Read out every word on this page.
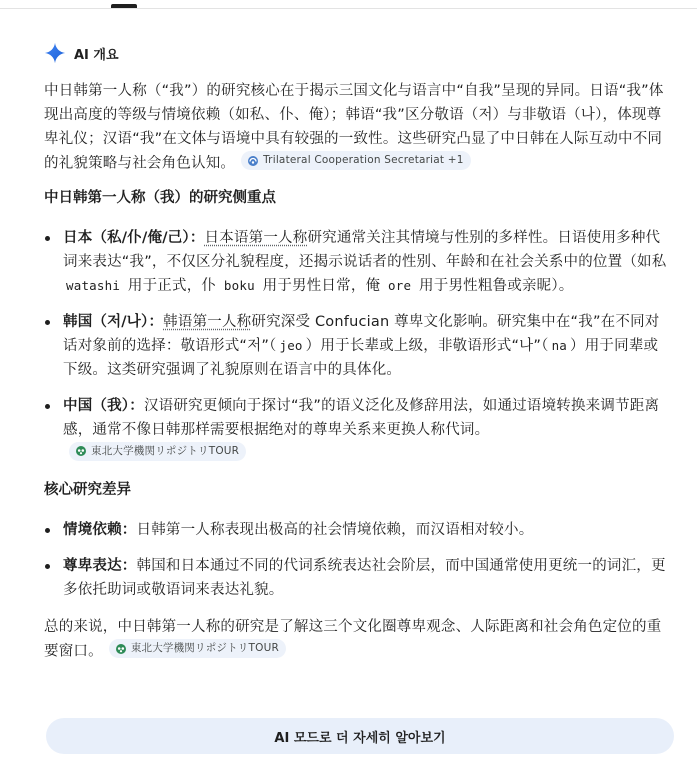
AI 개요

中日韩第一人称（“我”）的研究核心在于揭示三国文化与语言中“自我”呈现的异同。日语“我”体现出高度的等级与情境依赖（如私、仆、俺）；韩语“我”区分敬语（저）与非敬语（나），体现尊卑礼仪；汉语“我”在文体与语境中具有较强的一致性。这些研究凸显了中日韩在人际互动中不同的礼貌策略与社会角色认知。	Trilateral Cooperation Secretariat +1

中日韩第一人称（我）的研究侧重点
日本（私/仆/俺/己）：日本语第一人称研究通常关注其情境与性别的多样性。日语使用多种代词来表达“我”，不仅区分礼貌程度，还揭示说话者的性别、年龄和在社会关系中的位置（如私 watashi 用于正式，仆 boku 用于男性日常，俺 ore 用于男性粗鲁或亲昵）。
韩国（저/나）：韩语第一人称研究深受 Confucian 尊卑文化影响。研究集中在“我”在不同对话对象前的选择：敬语形式“저”（ jeo ）用于长辈或上级，非敬语形式“나”（ na ）用于同辈或下级。这类研究强调了礼貌原则在语言中的具体化。
中国（我）：汉语研究更倾向于探讨“我”的语义泛化及修辞用法，如通过语境转换来调节距离感，通常不像日韩那样需要根据绝对的尊卑关系来更换人称代词。
東北大学機関リポジトリTOUR
核心研究差异
情境依赖：日韩第一人称表现出极高的社会情境依赖，而汉语相对较小。
尊卑表达：韩国和日本通过不同的代词系统表达社会阶层，而中国通常使用更统一的词汇，更多依托助词或敬语词来表达礼貌。

总的来说，中日韩第一人称的研究是了解这三个文化圈尊卑观念、人际距离和社会角色定位的重要窗口。	東北大学機関リポジトリTOUR

AI 모드로 더 자세히 알아보기
